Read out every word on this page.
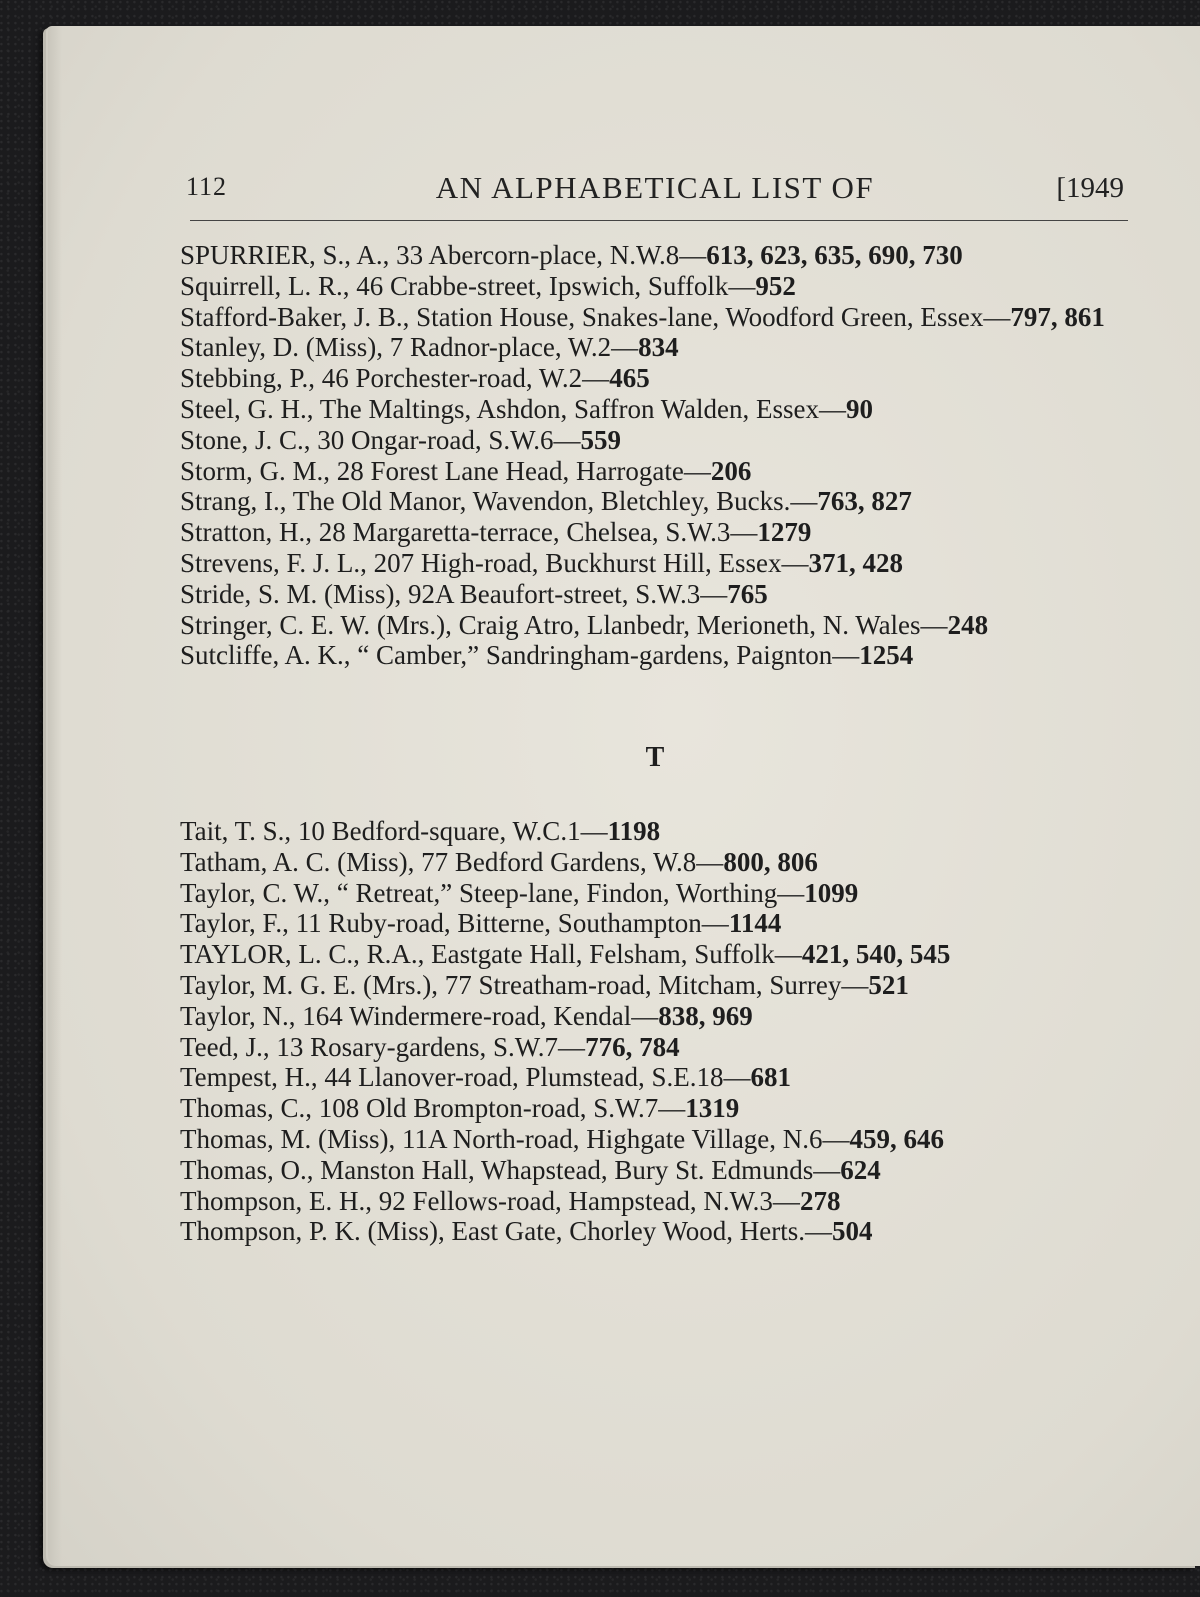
112	AN ALPHABETICAL LIST OF	[1949
SPURRIER, S., A., 33 Abercorn-place, N.W.8—613, 623, 635, 690, 730
Squirrell, L. R., 46 Crabbe-street, Ipswich, Suffolk—952
Stafford-Baker, J. B., Station House, Snakes-lane, Woodford Green, Essex—797, 861
Stanley, D. (Miss), 7 Radnor-place, W.2—834
Stebbing, P., 46 Porchester-road, W.2—465
Steel, G. H., The Maltings, Ashdon, Saffron Walden, Essex—90
Stone, J. C., 30 Ongar-road, S.W.6—559
Storm, G. M., 28 Forest Lane Head, Harrogate—206
Strang, I., The Old Manor, Wavendon, Bletchley, Bucks.—763, 827
Stratton, H., 28 Margaretta-terrace, Chelsea, S.W.3—1279
Strevens, F. J. L., 207 High-road, Buckhurst Hill, Essex—371, 428
Stride, S. M. (Miss), 92A Beaufort-street, S.W.3—765
Stringer, C. E. W. (Mrs.), Craig Atro, Llanbedr, Merioneth, N. Wales—248
Sutcliffe, A. K., “ Camber,” Sandringham-gardens, Paignton—1254
T
Tait, T. S., 10 Bedford-square, W.C.1—1198
Tatham, A. C. (Miss), 77 Bedford Gardens, W.8—800, 806
Taylor, C. W., “ Retreat,” Steep-lane, Findon, Worthing—1099
Taylor, F., 11 Ruby-road, Bitterne, Southampton—1144
TAYLOR, L. C., R.A., Eastgate Hall, Felsham, Suffolk—421, 540, 545
Taylor, M. G. E. (Mrs.), 77 Streatham-road, Mitcham, Surrey—521
Taylor, N., 164 Windermere-road, Kendal—838, 969
Teed, J., 13 Rosary-gardens, S.W.7—776, 784
Tempest, H., 44 Llanover-road, Plumstead, S.E.18—681
Thomas, C., 108 Old Brompton-road, S.W.7—1319
Thomas, M. (Miss), 11A North-road, Highgate Village, N.6—459, 646
Thomas, O., Manston Hall, Whapstead, Bury St. Edmunds—624
Thompson, E. H., 92 Fellows-road, Hampstead, N.W.3—278
Thompson, P. K. (Miss), East Gate, Chorley Wood, Herts.—504
